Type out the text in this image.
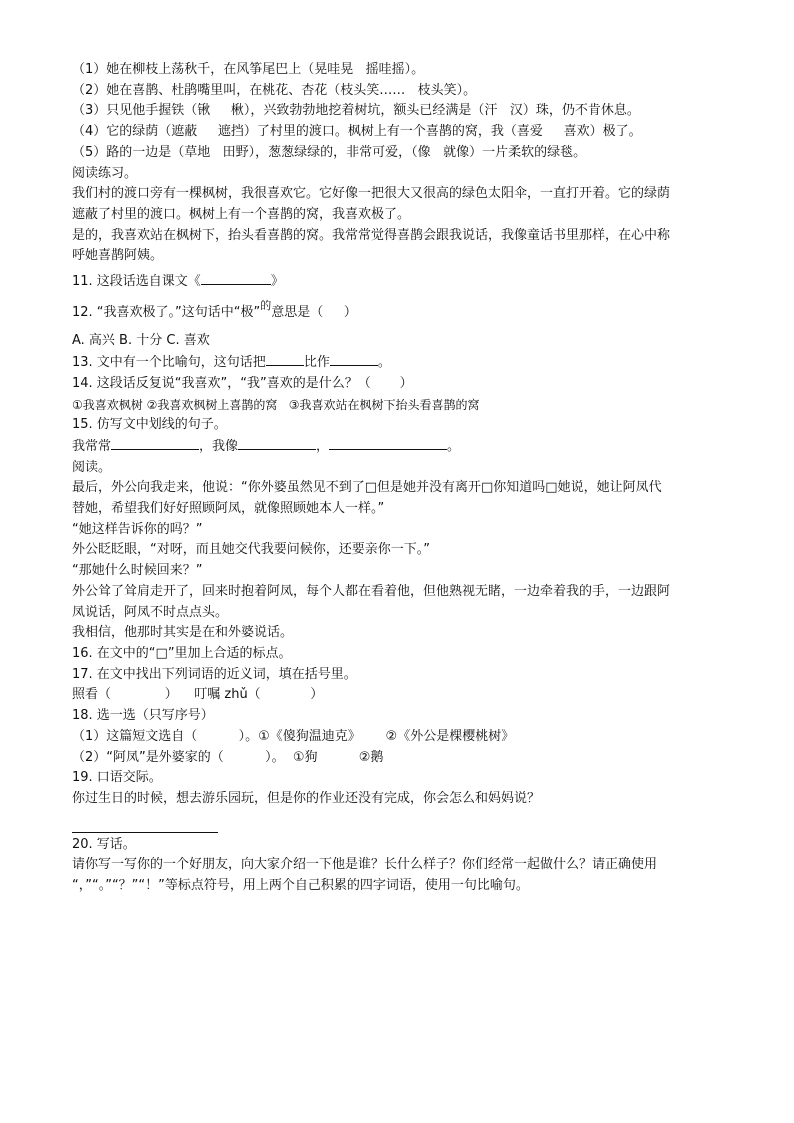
（1）她在柳枝上荡秋千，在风筝尾巴上（晃哇晃   摇哇摇）。

（2）她在喜鹊、杜鹃嘴里叫，在桃花、杏花（枝头笑……   枝头笑）。

（3）只见他手握铁（锹     楸），兴致勃勃地挖着树坑，额头已经满是（汗   汉）珠，仍不肯休息。

（4）它的绿荫（遮蔽     遮挡）了村里的渡口。枫树上有一个喜鹊的窝，我（喜爱     喜欢）极了。

（5）路的一边是（草地   田野），葱葱绿绿的，非常可爱，（像   就像）一片柔软的绿毯。

阅读练习。

我们村的渡口旁有一棵枫树，我很喜欢它。它好像一把很大又很高的绿色太阳伞，一直打开着。它的绿荫

遮蔽了村里的渡口。枫树上有一个喜鹊的窝，我喜欢极了。

是的，我喜欢站在枫树下，抬头看喜鹊的窝。我常常觉得喜鹊会跟我说话，我像童话书里那样，在心中称

呼她喜鹊阿姨。

11. 这段话选自课文《	》

12. “我喜欢极了。”这句话中“极”$^的$意思是（     ）

A. 高兴 B. 十分 C. 喜欢

13. 文中有一个比喻句，这句话把	比作	。

14. 这段话反复说“我喜欢”，“我”喜欢的是什么？（       ）

①我喜欢枫树 ②我喜欢枫树上喜鹊的窝   ③我喜欢站在枫树下抬头看喜鹊的窝

15. 仿写文中划线的句子。

我常常	，我像	，	。

阅读。

最后，外公向我走来，他说：“你外婆虽然见不到了□但是她并没有离开□你知道吗□她说，她让阿凤代

替她，希望我们好好照顾阿凤，就像照顾她本人一样。”

“她这样告诉你的吗？”

外公眨眨眼，“对呀，而且她交代我要问候你，还要亲你一下。”

“那她什么时候回来？”

外公耸了耸肩走开了，回来时抱着阿凤，每个人都在看着他，但他熟视无睹，一边牵着我的手，一边跟阿

凤说话，阿凤不时点点头。

我相信，他那时其实是在和外婆说话。

16. 在文中的“□”里加上合适的标点。

17. 在文中找出下列词语的近义词，填在括号里。

照看（             ）    叮嘱 zhǔ（            ）

18. 选一选（只写序号）

（1）这篇短文选自（          ）。①《傻狗温迪克》      ②《外公是棵樱桃树》

（2）“阿凤”是外婆家的（          ）。  ①狗          ②鹅

19. 口语交际。

你过生日的时候，想去游乐园玩，但是你的作业还没有完成，你会怎么和妈妈说？

20. 写话。

请你写一写你的一个好朋友，向大家介绍一下他是谁？长什么样子？你们经常一起做什么？请正确使用

“，”“。”“？”“！”等标点符号，用上两个自己积累的四字词语，使用一句比喻句。
